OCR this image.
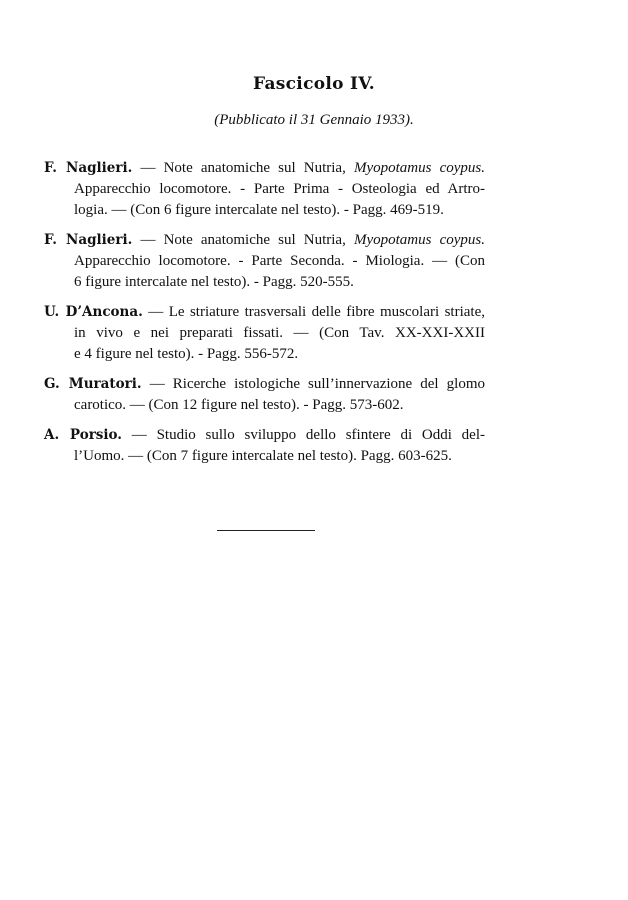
Fascicolo IV.
(Pubblicato il 31 Gennaio 1933).
F. Naglieri. — Note anatomiche sul Nutria, Myopotamus coypus.
Apparecchio locomotore. - Parte Prima - Osteologia ed Artro-
logia. — (Con 6 figure intercalate nel testo). - Pagg. 469-519.
F. Naglieri. — Note anatomiche sul Nutria, Myopotamus coypus.
Apparecchio locomotore. - Parte Seconda. - Miologia. — (Con
6 figure intercalate nel testo). - Pagg. 520-555.
U. D’Ancona. — Le striature trasversali delle fibre muscolari striate,
in vivo e nei preparati fissati. — (Con Tav. XX-XXI-XXII
e 4 figure nel testo). - Pagg. 556-572.
G. Muratori. — Ricerche istologiche sull’innervazione del glomo
carotico. — (Con 12 figure nel testo). - Pagg. 573-602.
A. Porsio. — Studio sullo sviluppo dello sfintere di Oddi del-
l’Uomo. — (Con 7 figure intercalate nel testo). Pagg. 603-625.
